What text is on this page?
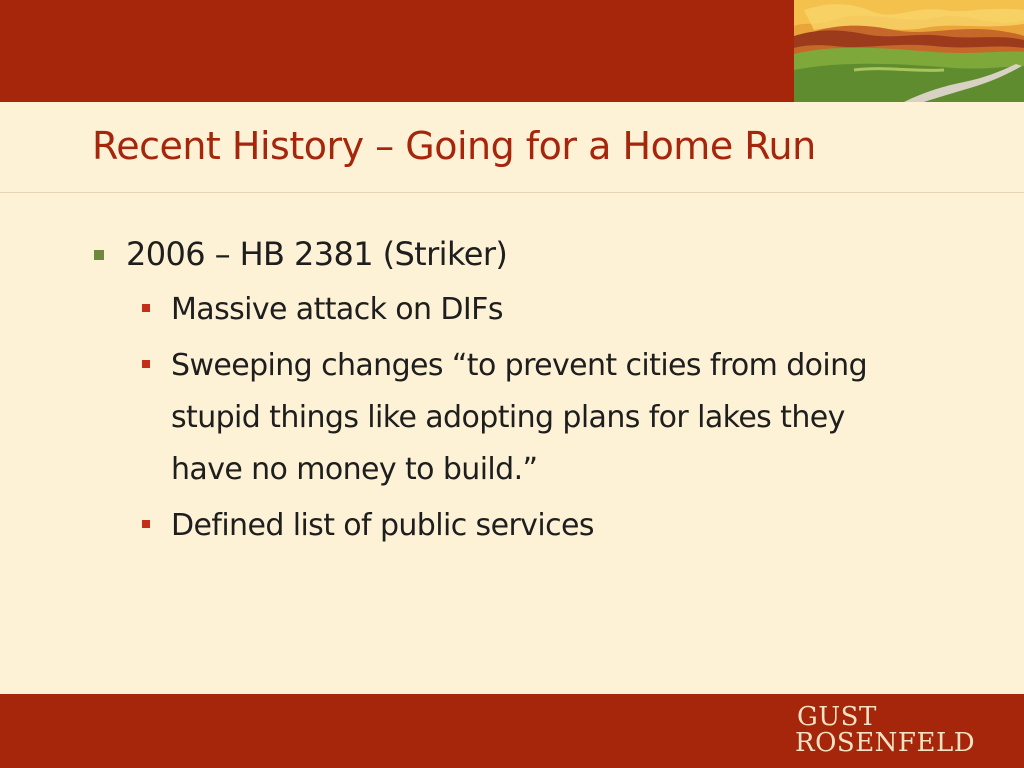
Recent History – Going for a Home Run
2006 – HB 2381 (Striker)
Massive attack on DIFs
Sweeping changes “to prevent cities from doing stupid things like adopting plans for lakes they have no money to build.”
Defined list of public services
GUST
ROSENFELD
